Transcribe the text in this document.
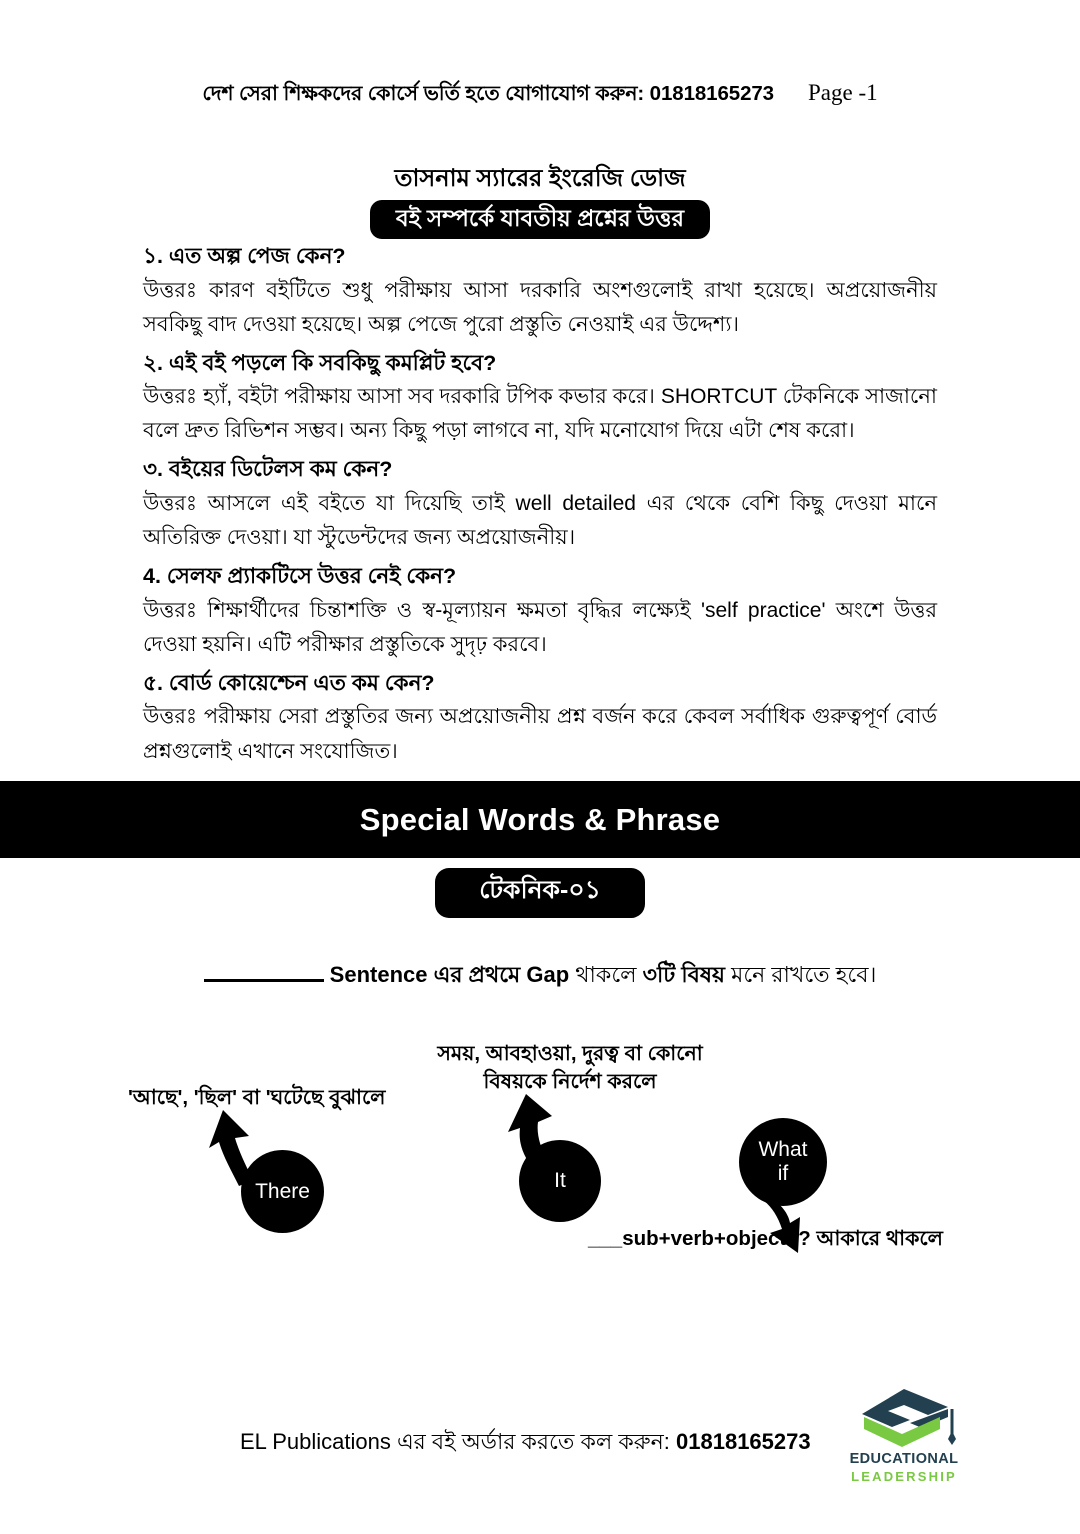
দেশ সেরা শিক্ষকদের কোর্সে ভর্তি হতে যোগাযোগ করুন: 01818165273 Page -1
তাসনাম স্যারের ইংরেজি ডোজ
বই সম্পর্কে যাবতীয় প্রশ্নের উত্তর

১. এত অল্প পেজ কেন?

উত্তরঃ কারণ বইটিতে শুধু পরীক্ষায় আসা দরকারি অংশগুলোই রাখা হয়েছে। অপ্রয়োজনীয় সবকিছু বাদ দেওয়া হয়েছে। অল্প পেজে পুরো প্রস্তুতি নেওয়াই এর উদ্দেশ্য।

২. এই বই পড়লে কি সবকিছু কমপ্লিট হবে?

উত্তরঃ হ্যাঁ, বইটা পরীক্ষায় আসা সব দরকারি টপিক কভার করে। SHORTCUT টেকনিকে সাজানো বলে দ্রুত রিভিশন সম্ভব। অন্য কিছু পড়া লাগবে না, যদি মনোযোগ দিয়ে এটা শেষ করো।

৩. বইয়ের ডিটেলস কম কেন?

উত্তরঃ আসলে এই বইতে যা দিয়েছি তাই well detailed এর থেকে বেশি কিছু দেওয়া মানে অতিরিক্ত দেওয়া। যা স্টুডেন্টদের জন্য অপ্রয়োজনীয়।

4. সেলফ প্র্যাকটিসে উত্তর নেই কেন?

উত্তরঃ শিক্ষার্থীদের চিন্তাশক্তি ও স্ব-মূল্যায়ন ক্ষমতা বৃদ্ধির লক্ষ্যেই 'self practice' অংশে উত্তর দেওয়া হয়নি। এটি পরীক্ষার প্রস্তুতিকে সুদৃঢ় করবে।

৫. বোর্ড কোয়েশ্চেন এত কম কেন?

উত্তরঃ পরীক্ষায় সেরা প্রস্তুতির জন্য অপ্রয়োজনীয় প্রশ্ন বর্জন করে কেবল সর্বাধিক গুরুত্বপূর্ণ বোর্ড প্রশ্নগুলোই এখানে সংযোজিত।

Special Words & Phrase
টেকনিক-০১
Sentence এর প্রথমে Gap থাকলে ৩টি বিষয় মনে রাখতে হবে।
'আছে', 'ছিল' বা 'ঘটেছে বুঝালে
There
সময়, আবহাওয়া, দুরত্ব বা কোনো
বিষয়কে নির্দেশ করলে
It
What
if
___sub+verb+object+? আকারে থাকলে
EL Publications এর বই অর্ডার করতে কল করুন: 01818165273
EDUCATIONAL
LEADERSHIP
